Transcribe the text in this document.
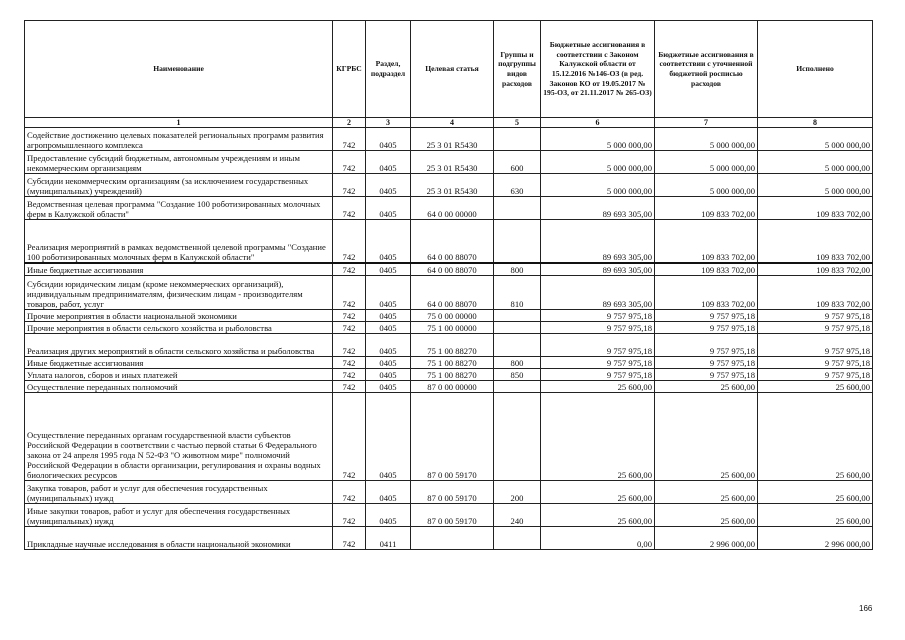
Наименование	КГРБС	Раздел, подраздел	Целевая статья	Группы и подгруппы видов расходов	Бюджетные ассигнования в соответствии с Законом Калужской области от 15.12.2016 №146-ОЗ (в ред. Законов КО от 19.05.2017 № 195-ОЗ, от 21.11.2017 № 265-ОЗ)	Бюджетные ассигнования в соответствии с уточненной бюджетной росписью расходов	Исполнено
1	2	3	4	5	6	7	8
Содействие достижению целевых показателей региональных программ развития агропромышленного комплекса	742	0405	25 3 01 R5430		5 000 000,00	5 000 000,00	5 000 000,00
Предоставление субсидий бюджетным, автономным учреждениям и иным некоммерческим организациям	742	0405	25 3 01 R5430	600	5 000 000,00	5 000 000,00	5 000 000,00
Субсидии некоммерческим организациям (за исключением государственных (муниципальных) учреждений)	742	0405	25 3 01 R5430	630	5 000 000,00	5 000 000,00	5 000 000,00
Ведомственная целевая программа "Создание 100 роботизированных молочных ферм в Калужской области"	742	0405	64 0 00 00000		89 693 305,00	109 833 702,00	109 833 702,00
Реализация мероприятий в рамках ведомственной целевой программы "Создание 100 роботизированных молочных ферм в Калужской области"	742	0405	64 0 00 88070		89 693 305,00	109 833 702,00	109 833 702,00
Иные бюджетные ассигнования	742	0405	64 0 00 88070	800	89 693 305,00	109 833 702,00	109 833 702,00
Субсидии юридическим лицам (кроме некоммерческих организаций), индивидуальным предпринимателям, физическим лицам - производителям товаров, работ, услуг	742	0405	64 0 00 88070	810	89 693 305,00	109 833 702,00	109 833 702,00
Прочие мероприятия в области национальной экономики	742	0405	75 0 00 00000		9 757 975,18	9 757 975,18	9 757 975,18
Прочие мероприятия в области сельского хозяйства и рыболовства	742	0405	75 1 00 00000		9 757 975,18	9 757 975,18	9 757 975,18
Реализация других мероприятий в области сельского хозяйства и рыболовства	742	0405	75 1 00 88270		9 757 975,18	9 757 975,18	9 757 975,18
Иные бюджетные ассигнования	742	0405	75 1 00 88270	800	9 757 975,18	9 757 975,18	9 757 975,18
Уплата налогов, сборов и иных платежей	742	0405	75 1 00 88270	850	9 757 975,18	9 757 975,18	9 757 975,18
Осуществление переданных полномочий	742	0405	87 0 00 00000		25 600,00	25 600,00	25 600,00
Осуществление переданных органам государственной власти субъектов Российской Федерации в соответствии с частью первой статьи 6 Федерального закона от 24 апреля 1995 года N 52-ФЗ "О животном мире" полномочий Российской Федерации в области организации, регулирования и охраны водных биологических ресурсов	742	0405	87 0 00 59170		25 600,00	25 600,00	25 600,00
Закупка товаров, работ и услуг для обеспечения государственных (муниципальных) нужд	742	0405	87 0 00 59170	200	25 600,00	25 600,00	25 600,00
Иные закупки товаров, работ и услуг для обеспечения государственных (муниципальных) нужд	742	0405	87 0 00 59170	240	25 600,00	25 600,00	25 600,00
Прикладные научные исследования в области национальной экономики	742	0411			0,00	2 996 000,00	2 996 000,00
166
